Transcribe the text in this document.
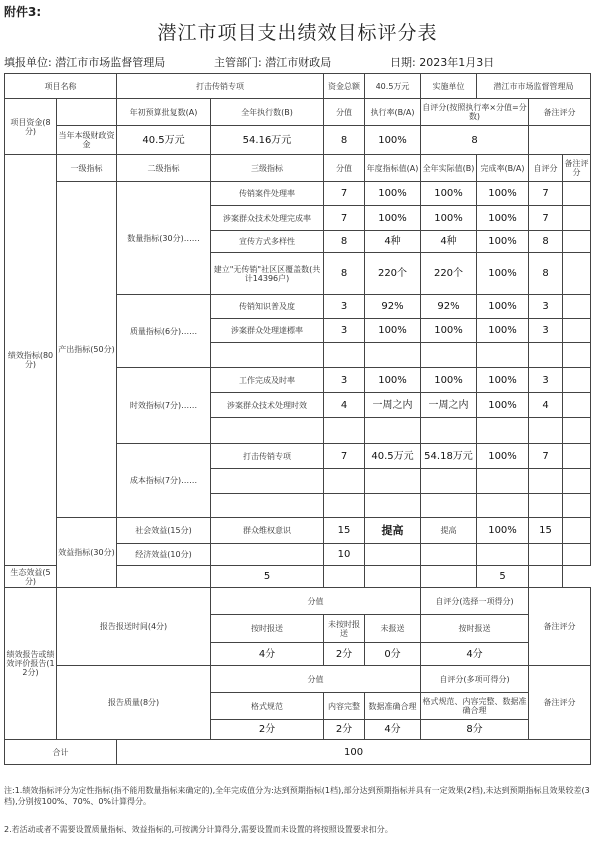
附件3:
潜江市项目支出绩效目标评分表
填报单位: 潜江市市场监督管理局	主管部门: 潜江市财政局	日期: 2023年1月3日
项目名称		打击传销专项		资金总额	40.5万元	实施单位	潜江市市场监督管理局		
项目资金(8分)		年初预算批复数(A)	全年执行数(B)	分值	执行率(B/A)	自评分(按照执行率×分值=分数)		备注评分	
	当年本级财政资金	40.5万元	54.16万元	8	100%	8			
绩效指标(80分)	一级指标	二级指标	三级指标	分值	年度指标值(A)	全年实际值(B)	完成率(B/A)	自评分	备注评分
	产出指标(50分)	数量指标(30分)……	传销案件处理率	7	100%	100%	100%	7	
			涉案群众技术处理完成率	7	100%	100%	100%	7	
			宣传方式多样性	8	4种	4种	100%	8	
			建立"无传销"社区区覆盖数(共计14396户)	8	220个	220个	100%	8	
		质量指标(6分)……	传销知识普及度	3	92%	92%	100%	3	
			涉案群众处理達標率	3	100%	100%	100%	3	

		时效指标(7分)……	工作完成及时率	3	100%	100%	100%	3	
			涉案群众技术处理时效	4	一周之内	一周之内	100%	4	

		成本指标(7分)……	打击传销专项	7	40.5万元	54.18万元	100%	7	

	效益指标(30分)	社会效益(15分)	群众维权意识	15	提高	提高	100%	15	
		经济效益(10分)		10					
生态效益(5分)			5				5		
绩效报告或绩效评价报告(12分)	报告报送时间(4分)		分值			自评分(选择一项得分)		备注评分	
			按时报送	未按时报送	未报送	按时报送			
			4分	2分	0分	4分			
	报告质量(8分)		分值			自评分(多项可得分)		备注评分	
			格式规范	内容完整	数据准确合理	格式规范、内容完整、数据准确合理			
			2分	2分	4分	8分			
合计		100							
注:1.绩效指标评分为定性指标(指不能用数量指标来确定的),全年完成值分为:达到预期指标(1档),部分达到预期指标并具有一定效果(2档),未达到预期指标且效果较差(3档),分别按100%、70%、0%计算得分。
2.若活动或者不需要设置质量指标、效益指标的,可按满分计算得分,需要设置而未设置的将按照设置要求扣分。
